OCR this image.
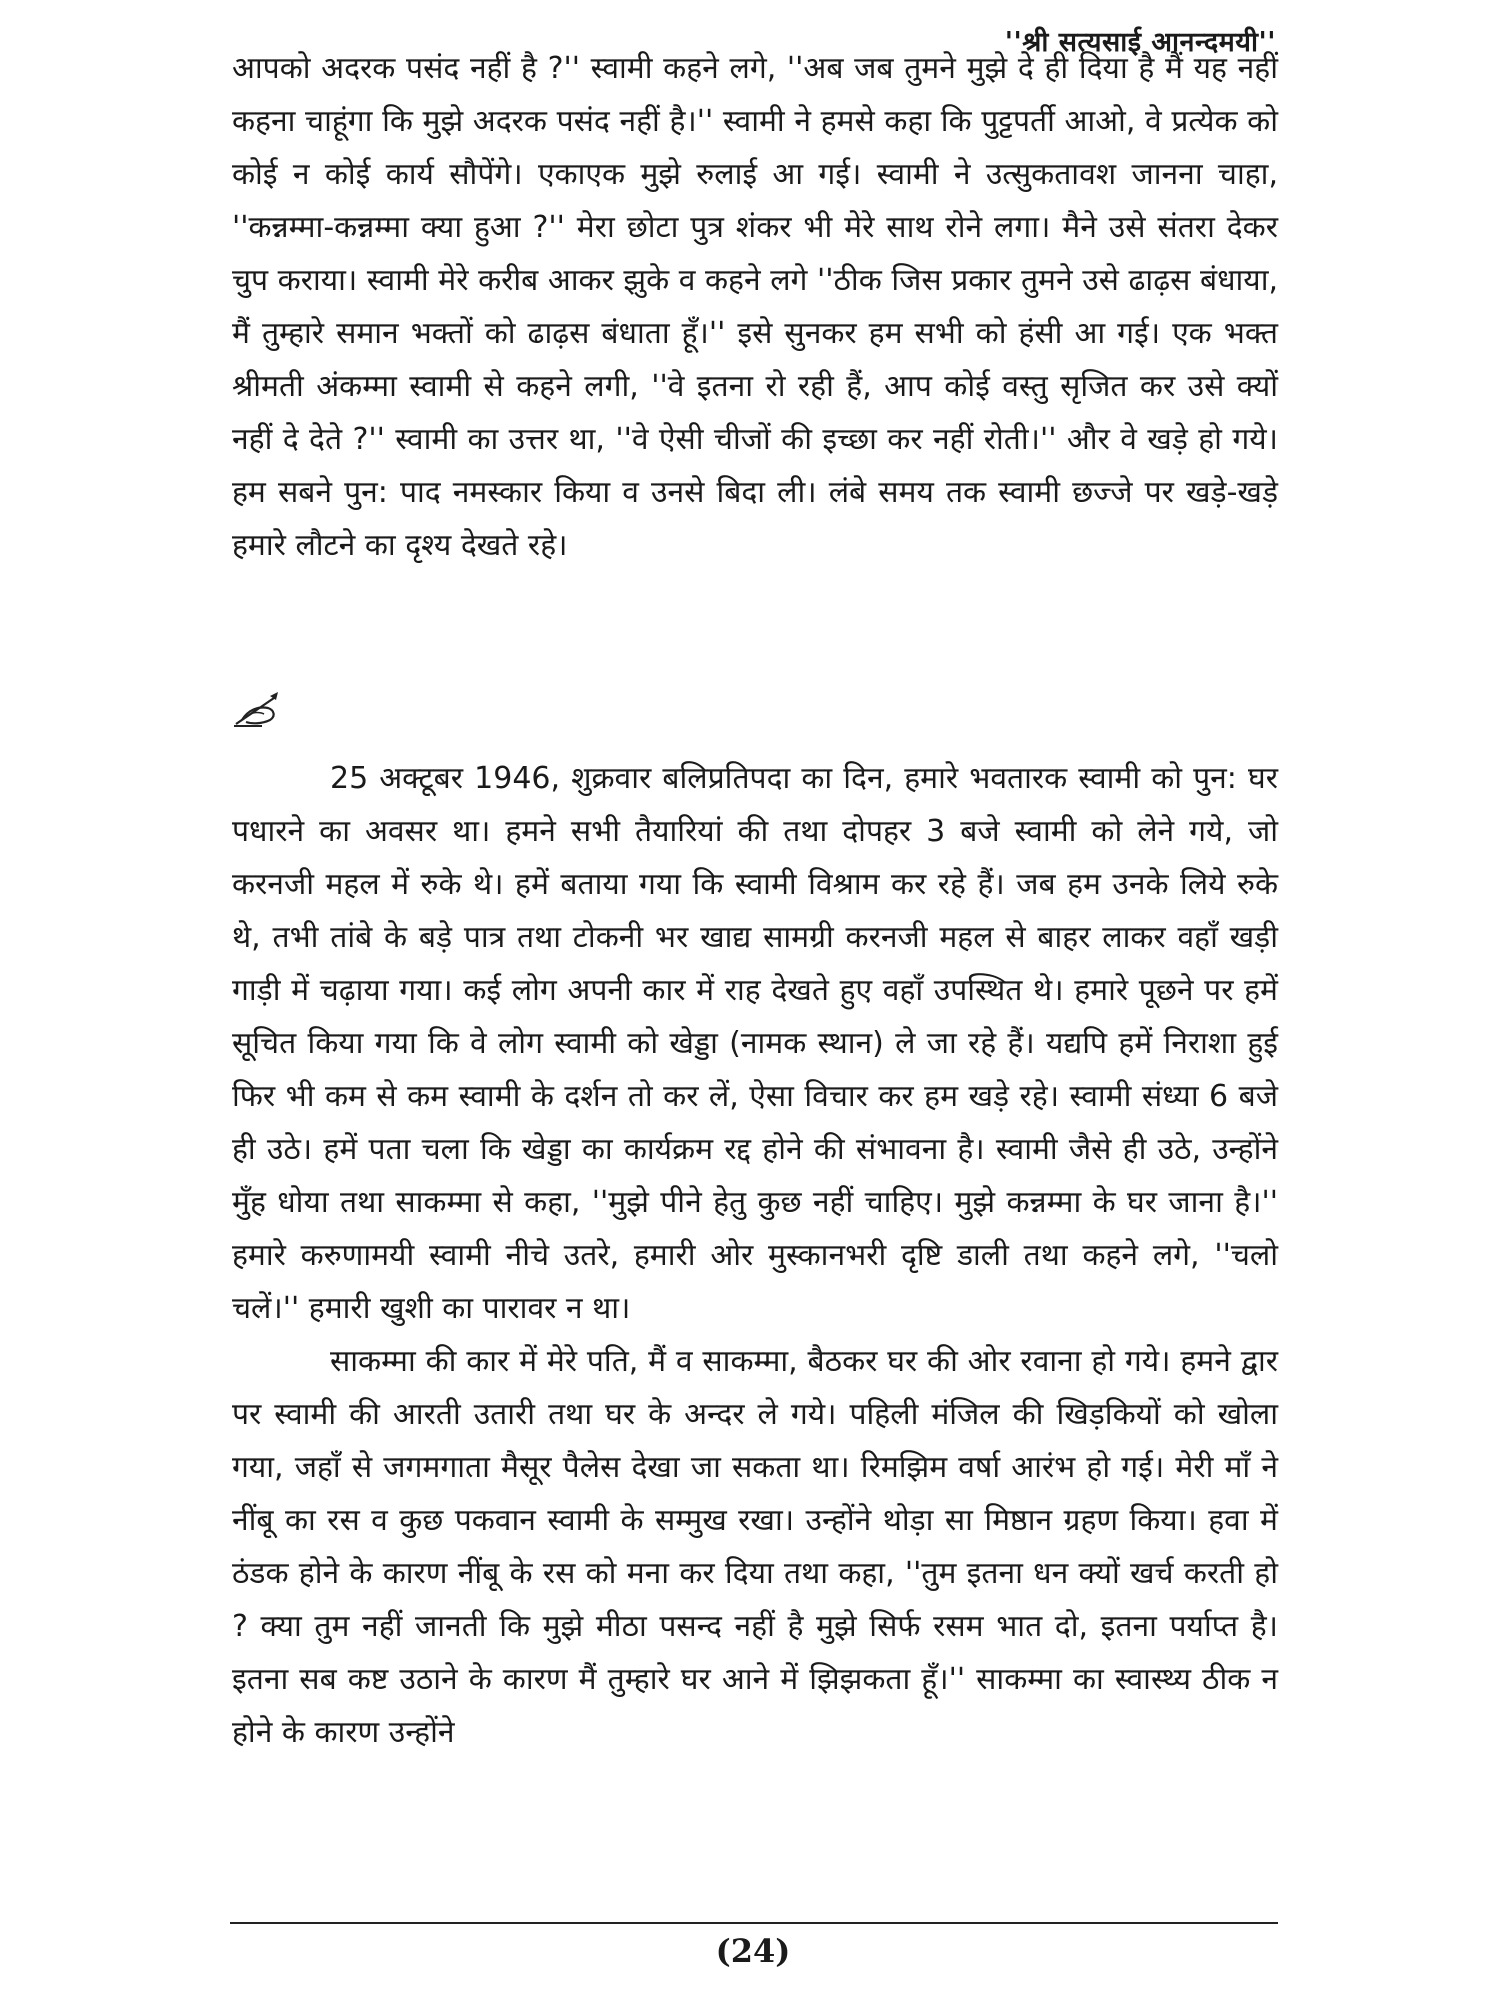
''श्री सत्यसाई आनन्दमयी''

आपको अदरक पसंद नहीं है ?'' स्वामी कहने लगे, ''अब जब तुमने मुझे दे ही दिया है मैं यह नहीं कहना चाहूंगा कि मुझे अदरक पसंद नहीं है।'' स्वामी ने हमसे कहा कि पुट्टपर्ती आओ, वे प्रत्येक को कोई न कोई कार्य सौपेंगे। एकाएक मुझे रुलाई आ गई। स्वामी ने उत्सुकतावश जानना चाहा, ''कन्नम्मा-कन्नम्मा क्या हुआ ?'' मेरा छोटा पुत्र शंकर भी मेरे साथ रोने लगा। मैने उसे संतरा देकर चुप कराया। स्वामी मेरे करीब आकर झुके व कहने लगे ''ठीक जिस प्रकार तुमने उसे ढाढ़स बंधाया, मैं तुम्हारे समान भक्तों को ढाढ़स बंधाता हूँ।'' इसे सुनकर हम सभी को हंसी आ गई। एक भक्त श्रीमती अंकम्मा स्वामी से कहने लगी, ''वे इतना रो रही हैं, आप कोई वस्तु सृजित कर उसे क्यों नहीं दे देते ?'' स्वामी का उत्तर था, ''वे ऐसी चीजों की इच्छा कर नहीं रोती।'' और वे खड़े हो गये। हम सबने पुन: पाद नमस्कार किया व उनसे बिदा ली। लंबे समय तक स्वामी छज्जे पर खड़े-खड़े हमारे लौटने का दृश्य देखते रहे।

25 अक्टूबर 1946, शुक्रवार बलिप्रतिपदा का दिन, हमारे भवतारक स्वामी को पुन: घर पधारने का अवसर था। हमने सभी तैयारियां की तथा दोपहर 3 बजे स्वामी को लेने गये, जो करनजी महल में रुके थे। हमें बताया गया कि स्वामी विश्राम कर रहे हैं। जब हम उनके लिये रुके थे, तभी तांबे के बड़े पात्र तथा टोकनी भर खाद्य सामग्री करनजी महल से बाहर लाकर वहाँ खड़ी गाड़ी में चढ़ाया गया। कई लोग अपनी कार में राह देखते हुए वहाँ उपस्थित थे। हमारे पूछने पर हमें सूचित किया गया कि वे लोग स्वामी को खेड्डा (नामक स्थान) ले जा रहे हैं। यद्यपि हमें निराशा हुई फिर भी कम से कम स्वामी के दर्शन तो कर लें, ऐसा विचार कर हम खड़े रहे। स्वामी संध्या 6 बजे ही उठे। हमें पता चला कि खेड्डा का कार्यक्रम रद्द होने की संभावना है। स्वामी जैसे ही उठे, उन्होंने मुँह धोया तथा साकम्मा से कहा, ''मुझे पीने हेतु कुछ नहीं चाहिए। मुझे कन्नम्मा के घर जाना है।'' हमारे करुणामयी स्वामी नीचे उतरे, हमारी ओर मुस्कानभरी दृष्टि डाली तथा कहने लगे, ''चलो चलें।'' हमारी खुशी का पारावर न था।

साकम्मा की कार में मेरे पति, मैं व साकम्मा, बैठकर घर की ओर रवाना हो गये। हमने द्वार पर स्वामी की आरती उतारी तथा घर के अन्दर ले गये। पहिली मंजिल की खिड़कियों को खोला गया, जहाँ से जगमगाता मैसूर पैलेस देखा जा सकता था। रिमझिम वर्षा आरंभ हो गई। मेरी माँ ने नींबू का रस व कुछ पकवान स्वामी के सम्मुख रखा। उन्होंने थोड़ा सा मिष्ठान ग्रहण किया। हवा में ठंडक होने के कारण नींबू के रस को मना कर दिया तथा कहा, ''तुम इतना धन क्यों खर्च करती हो ? क्या तुम नहीं जानती कि मुझे मीठा पसन्द नहीं है मुझे सिर्फ रसम भात दो, इतना पर्याप्त है। इतना सब कष्ट उठाने के कारण मैं तुम्हारे घर आने में झिझकता हूँ।'' साकम्मा का स्वास्थ्य ठीक न होने के कारण उन्होंने

(24)
